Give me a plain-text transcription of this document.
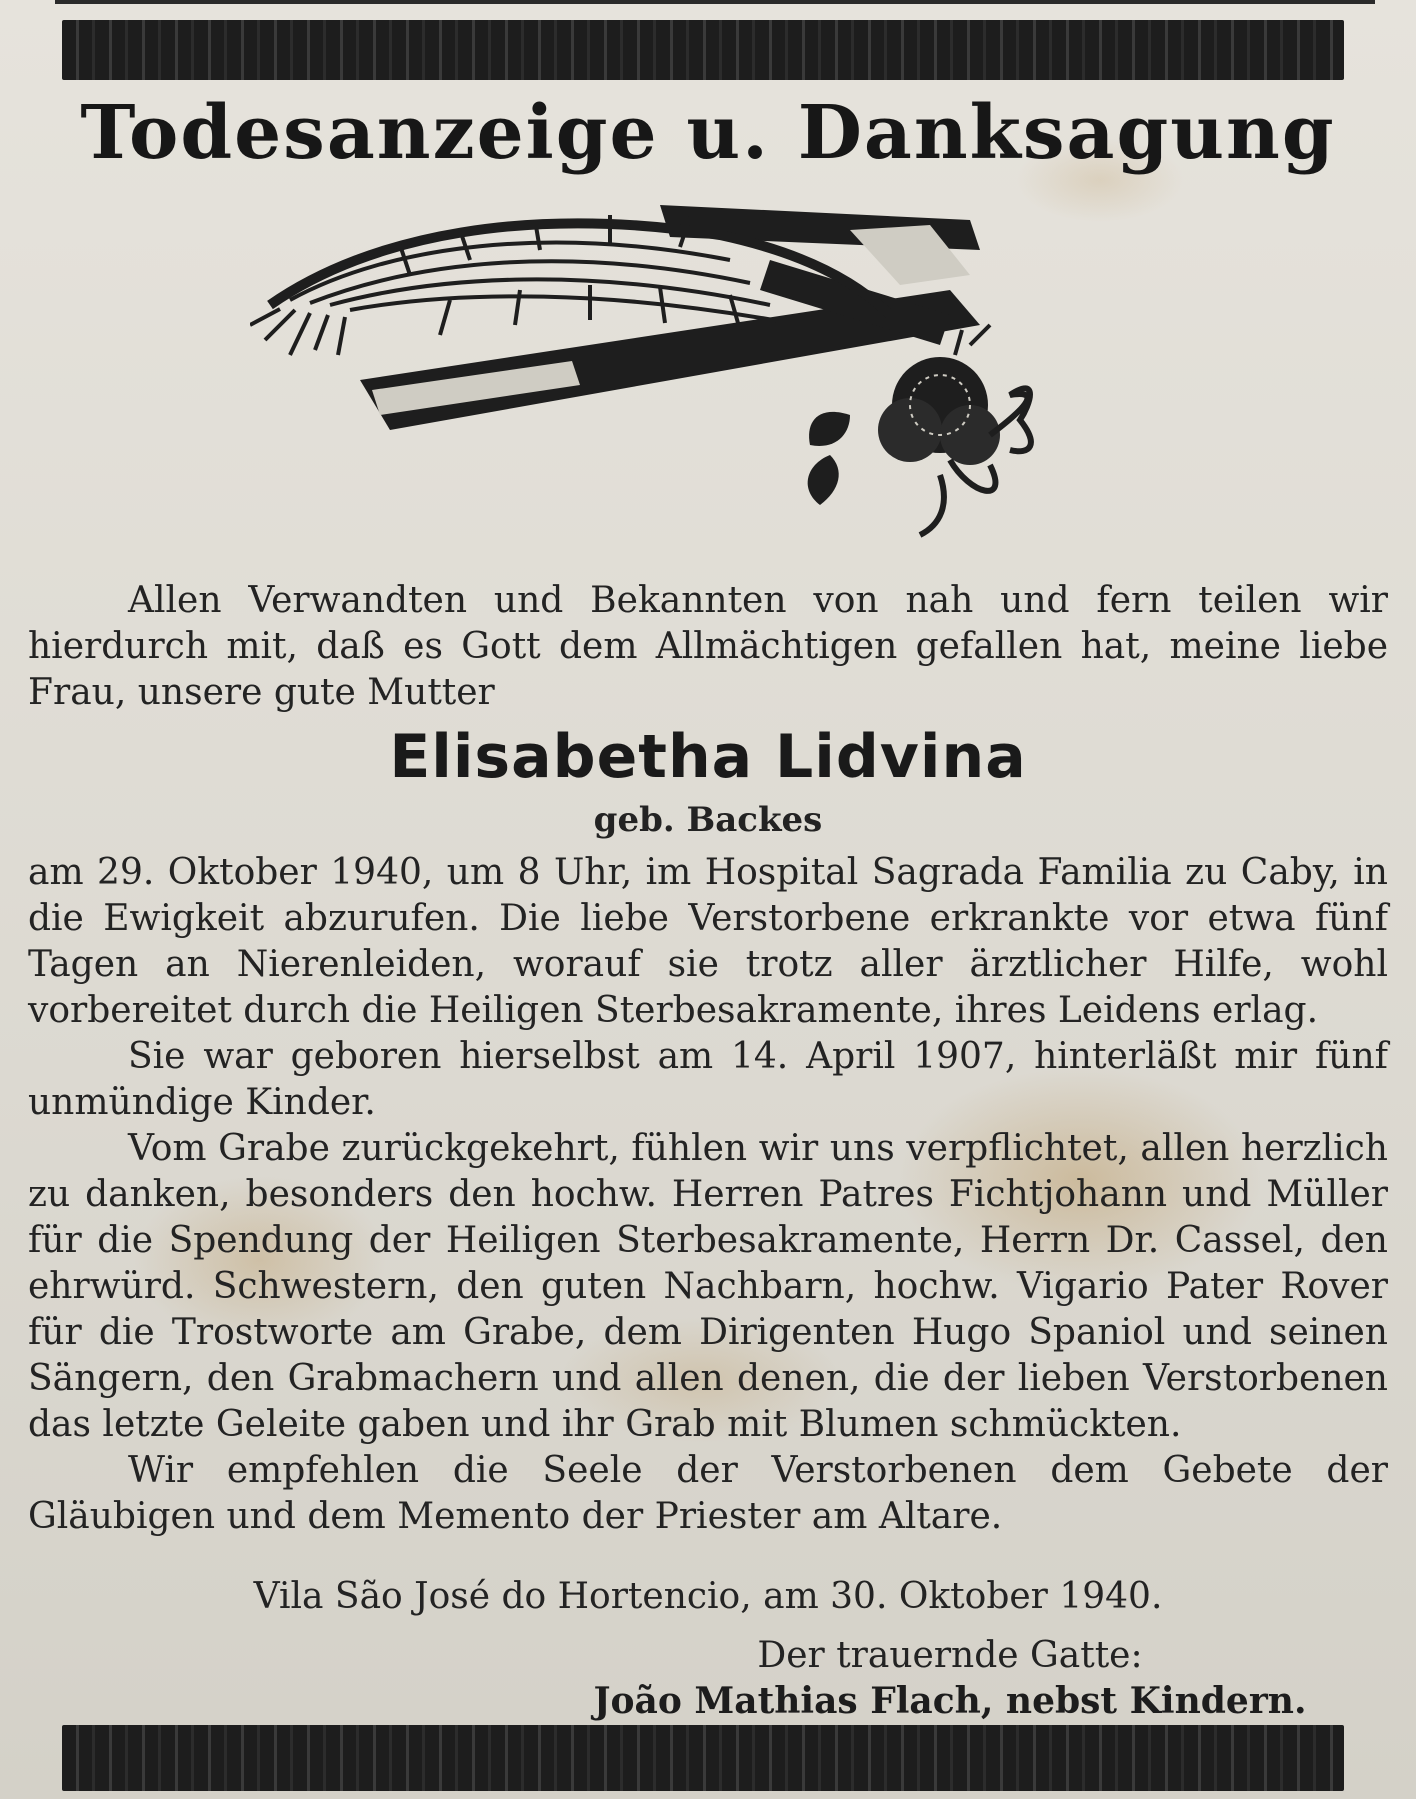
Todesanzeige u. Danksagung

Allen Verwandten und Bekannten von nah und fern teilen wir hierdurch mit, daß es Gott dem Allmächtigen gefallen hat, meine liebe Frau, unsere gute Mutter

Elisabetha Lidvina
geb. Backes

am 29. Oktober 1940, um 8 Uhr, im Hospital Sagrada Familia zu Caby, in die Ewigkeit abzurufen. Die liebe Verstorbene erkrankte vor etwa fünf Tagen an Nierenleiden, worauf sie trotz aller ärztlicher Hilfe, wohl vorbereitet durch die Heiligen Sterbesakramente, ihres Leidens erlag.

Sie war geboren hierselbst am 14. April 1907, hinterläßt mir fünf unmündige Kinder.

Vom Grabe zurückgekehrt, fühlen wir uns verpflichtet, allen herzlich zu danken, besonders den hochw. Herren Patres Fichtjohann und Müller für die Spendung der Heiligen Sterbesakramente, Herrn Dr. Cassel, den ehrwürd. Schwestern, den guten Nachbarn, hochw. Vigario Pater Rover für die Trostworte am Grabe, dem Dirigenten Hugo Spaniol und seinen Sängern, den Grabmachern und allen denen, die der lieben Verstorbenen das letzte Geleite gaben und ihr Grab mit Blumen schmückten.

Wir empfehlen die Seele der Verstorbenen dem Gebete der Gläubigen und dem Memento der Priester am Altare.

Vila São José do Hortencio, am 30. Oktober 1940.
Der trauernde Gatte:
João Mathias Flach, nebst Kindern.
